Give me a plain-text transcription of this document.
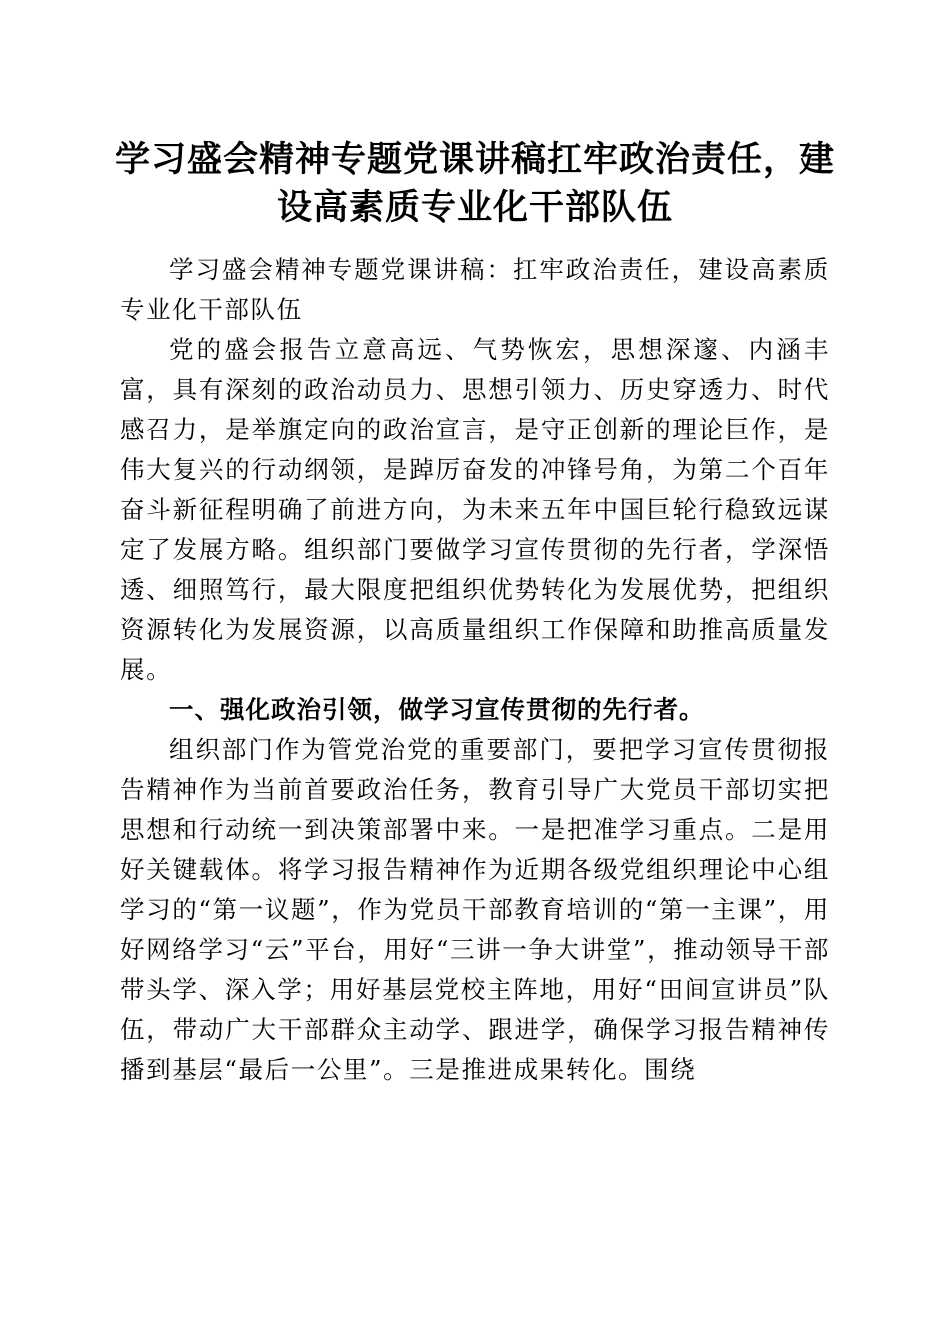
学习盛会精神专题党课讲稿扛牢政治责任，建设高素质专业化干部队伍

学习盛会精神专题党课讲稿：扛牢政治责任，建设高素质专业化干部队伍

党的盛会报告立意高远、气势恢宏，思想深邃、内涵丰富，具有深刻的政治动员力、思想引领力、历史穿透力、时代感召力，是举旗定向的政治宣言，是守正创新的理论巨作，是伟大复兴的行动纲领，是踔厉奋发的冲锋号角，为第二个百年奋斗新征程明确了前进方向，为未来五年中国巨轮行稳致远谋定了发展方略。组织部门要做学习宣传贯彻的先行者，学深悟透、细照笃行，最大限度把组织优势转化为发展优势，把组织资源转化为发展资源，以高质量组织工作保障和助推高质量发展。

一、强化政治引领，做学习宣传贯彻的先行者。

组织部门作为管党治党的重要部门，要把学习宣传贯彻报告精神作为当前首要政治任务，教育引导广大党员干部切实把思想和行动统一到决策部署中来。一是把准学习重点。二是用好关键载体。将学习报告精神作为近期各级党组织理论中心组学习的“第一议题”，作为党员干部教育培训的“第一主课”，用好网络学习“云”平台，用好“三讲一争大讲堂”，推动领导干部带头学、深入学；用好基层党校主阵地，用好“田间宣讲员”队伍，带动广大干部群众主动学、跟进学，确保学习报告精神传播到基层“最后一公里”。三是推进成果转化。围绕
